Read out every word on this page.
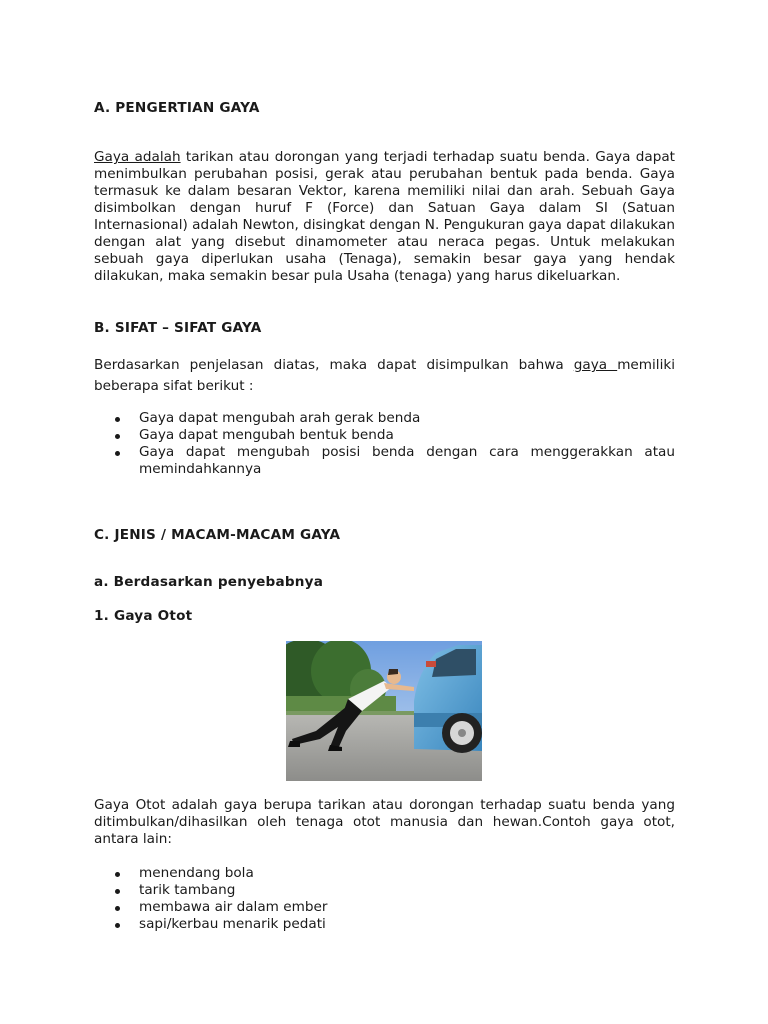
A. PENGERTIAN GAYA
Gaya adalah tarikan atau dorongan yang terjadi terhadap suatu benda. Gaya dapat menimbulkan perubahan posisi, gerak atau perubahan bentuk pada benda. Gaya termasuk ke dalam besaran Vektor, karena memiliki nilai dan arah. Sebuah Gaya disimbolkan dengan huruf F (Force) dan Satuan Gaya dalam SI (Satuan Internasional) adalah Newton, disingkat dengan N. Pengukuran gaya dapat dilakukan dengan alat yang disebut dinamometer atau neraca pegas. Untuk melakukan sebuah gaya diperlukan usaha (Tenaga), semakin besar gaya yang hendak dilakukan, maka semakin besar pula Usaha (tenaga) yang harus dikeluarkan.
B. SIFAT – SIFAT GAYA
Berdasarkan penjelasan diatas, maka dapat disimpulkan bahwa gaya memiliki beberapa sifat berikut :
Gaya dapat mengubah arah gerak benda
Gaya dapat mengubah bentuk benda
Gaya dapat mengubah posisi benda dengan cara menggerakkan atau memindahkannya
C. JENIS / MACAM-MACAM GAYA
a. Berdasarkan penyebabnya
1. Gaya Otot
Gaya Otot adalah gaya berupa tarikan atau dorongan terhadap suatu benda yang ditimbulkan/dihasilkan oleh tenaga otot manusia dan hewan.Contoh gaya otot, antara lain:
menendang bola
tarik tambang
membawa air dalam ember
sapi/kerbau menarik pedati
